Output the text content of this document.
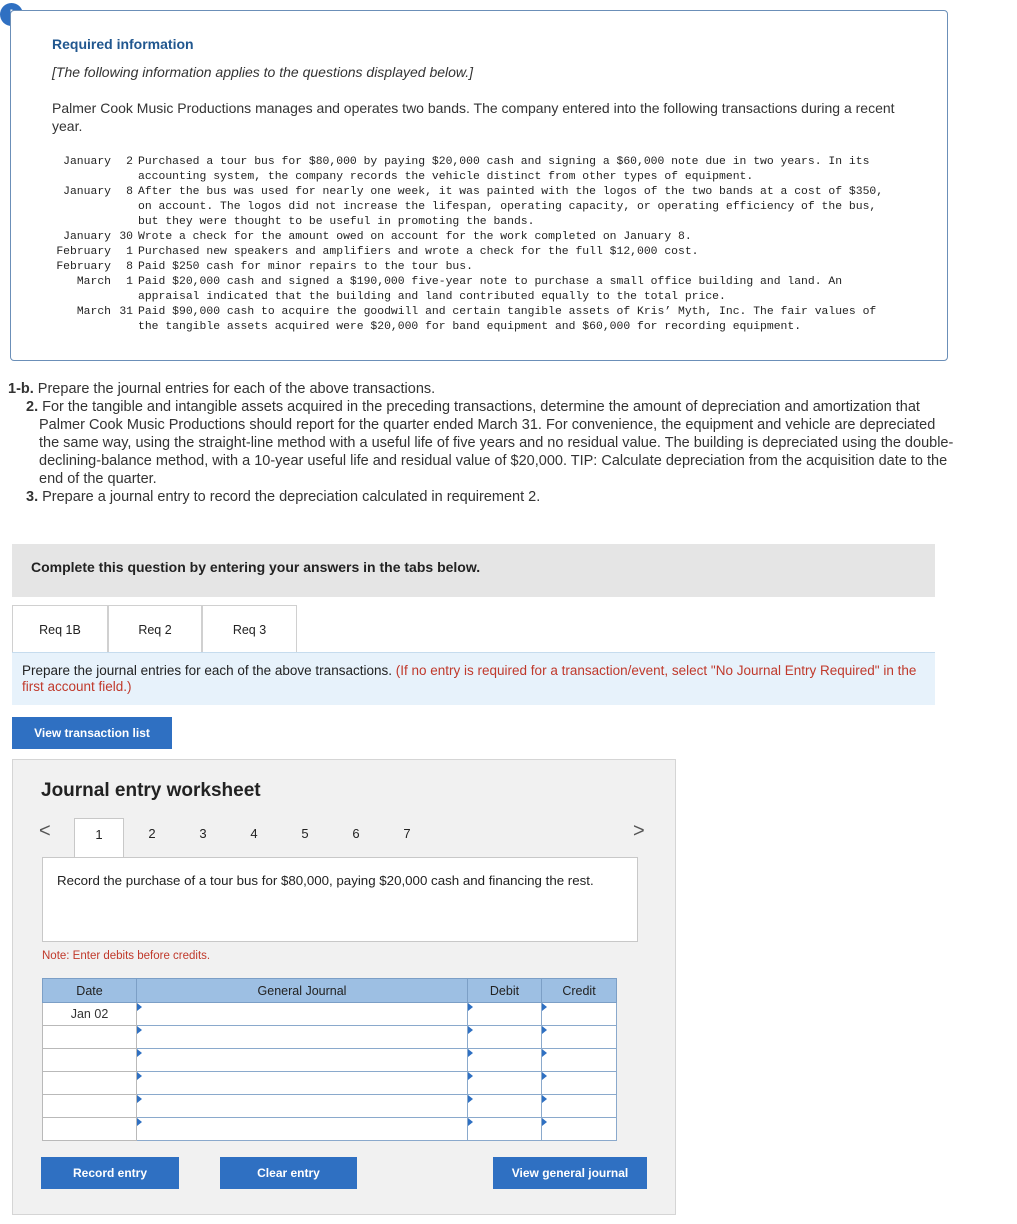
Required information
[The following information applies to the questions displayed below.]
Palmer Cook Music Productions manages and operates two bands. The company entered into the following transactions during a recent year.
January	2	Purchased a tour bus for $80,000 by paying $20,000 cash and signing a $60,000 note due in two years. In its accounting system, the company records the vehicle distinct from other types of equipment.
January	8	After the bus was used for nearly one week, it was painted with the logos of the two bands at a cost of $350, on account. The logos did not increase the lifespan, operating capacity, or operating efficiency of the bus, but they were thought to be useful in promoting the bands.
January	30	Wrote a check for the amount owed on account for the work completed on January 8.
February	1	Purchased new speakers and amplifiers and wrote a check for the full $12,000 cost.
February	8	Paid $250 cash for minor repairs to the tour bus.
March	1	Paid $20,000 cash and signed a $190,000 five-year note to purchase a small office building and land. An appraisal indicated that the building and land contributed equally to the total price.
March	31	Paid $90,000 cash to acquire the goodwill and certain tangible assets of Kris’ Myth, Inc. The fair values of the tangible assets acquired were $20,000 for band equipment and $60,000 for recording equipment.

1-b. Prepare the journal entries for each of the above transactions.

2. For the tangible and intangible assets acquired in the preceding transactions, determine the amount of depreciation and amortization that Palmer Cook Music Productions should report for the quarter ended March 31. For convenience, the equipment and vehicle are depreciated the same way, using the straight-line method with a useful life of five years and no residual value. The building is depreciated using the double-declining-balance method, with a 10-year useful life and residual value of $20,000. TIP: Calculate depreciation from the acquisition date to the end of the quarter.

3. Prepare a journal entry to record the depreciation calculated in requirement 2.

Complete this question by entering your answers in the tabs below.
Req 1B	Req 2	Req 3
Prepare the journal entries for each of the above transactions. (If no entry is required for a transaction/event, select "No Journal Entry Required" in the first account field.)
View transaction list
Journal entry worksheet
<	1	2	3	4	5	6	7	>
Record the purchase of a tour bus for $80,000, paying $20,000 cash and financing the rest.
Note: Enter debits before credits.
Date	General Journal	Debit	Credit
Jan 02			

Record entry	Clear entry	View general journal
